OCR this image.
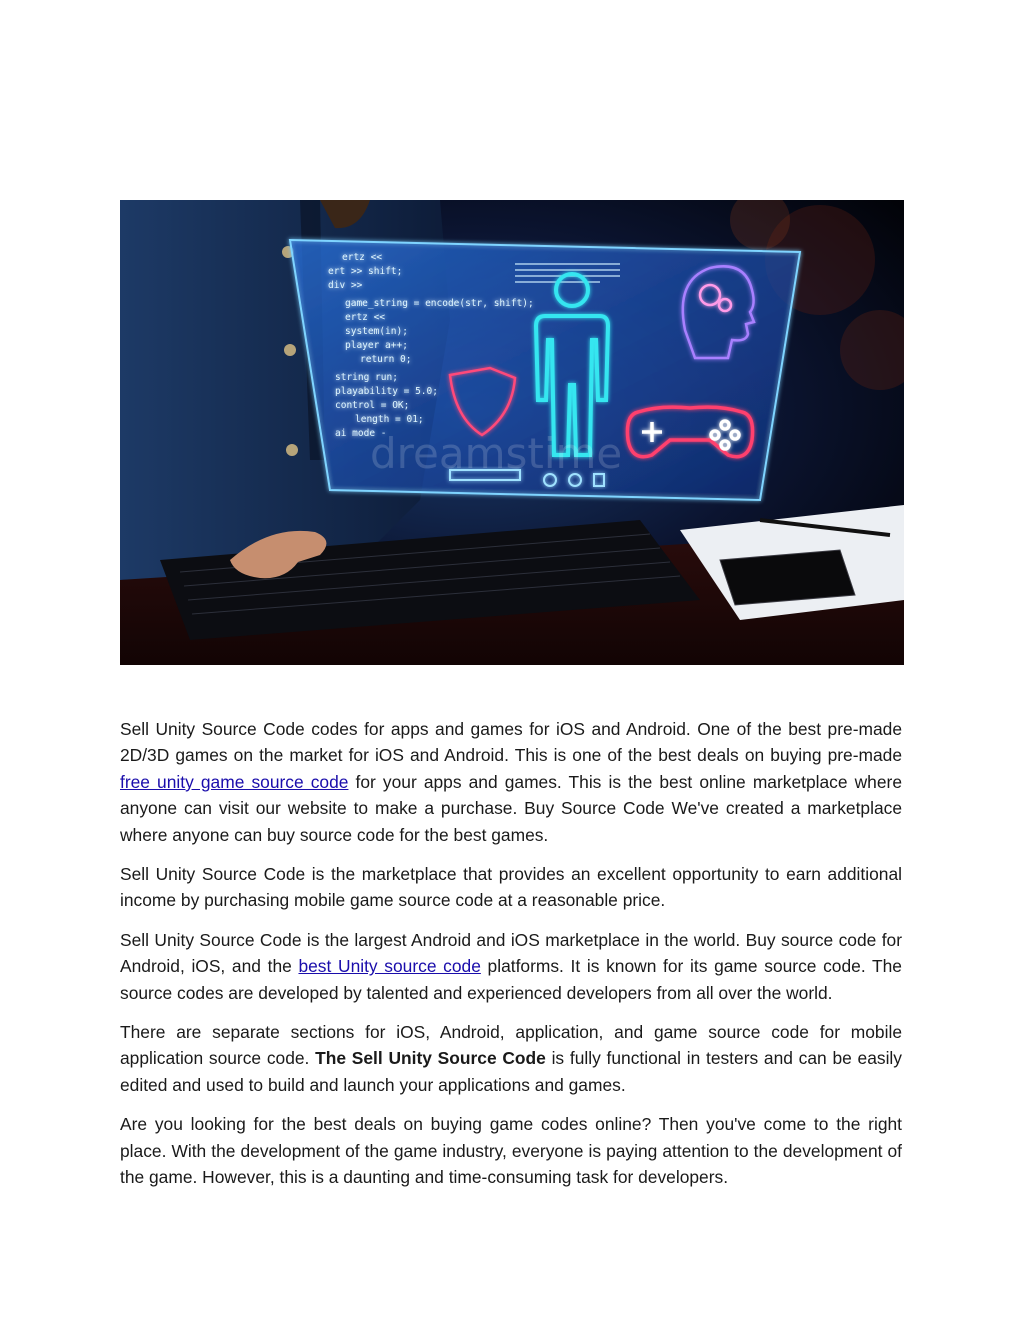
ertz <<
ert >> shift;
div >>
game_string = encode(str, shift);
ertz <<
system(in);
player a++;
return 0;
string run;
playability = 5.0;
control = OK;
length = 01;
ai mode -
dreamstime

Sell Unity Source Code codes for apps and games for iOS and Android. One of the best pre-made 2D/3D games on the market for iOS and Android. This is one of the best deals on buying pre-made free unity game source code for your apps and games. This is the best online marketplace where anyone can visit our website to make a purchase. Buy Source Code We've created a marketplace where anyone can buy source code for the best games.

Sell Unity Source Code is the marketplace that provides an excellent opportunity to earn additional income by purchasing mobile game source code at a reasonable price.

Sell Unity Source Code is the largest Android and iOS marketplace in the world. Buy source code for Android, iOS, and the best Unity source code platforms. It is known for its game source code. The source codes are developed by talented and experienced developers from all over the world.

There are separate sections for iOS, Android, application, and game source code for mobile application source code. The Sell Unity Source Code is fully functional in testers and can be easily edited and used to build and launch your applications and games.

Are you looking for the best deals on buying game codes online? Then you've come to the right place. With the development of the game industry, everyone is paying attention to the development of the game. However, this is a daunting and time-consuming task for developers.
